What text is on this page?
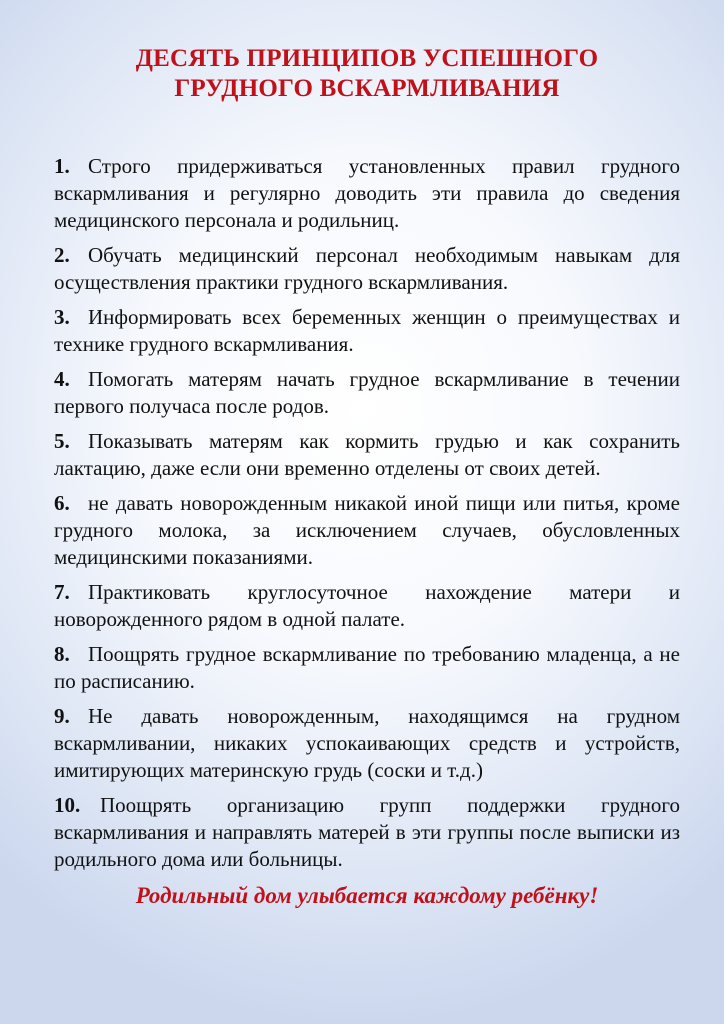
ДЕСЯТЬ ПРИНЦИПОВ УСПЕШНОГО
ГРУДНОГО ВСКАРМЛИВАНИЯ
1. Строго придерживаться установленных правил грудного вскармливания и регулярно доводить эти правила до сведения медицинского персонала и родильниц.
2. Обучать медицинский персонал необходимым навыкам для осуществления практики грудного вскармливания.
3. Информировать всех беременных женщин о преимуществах и технике грудного вскармливания.
4. Помогать матерям начать грудное вскармливание в течении первого получаса после родов.
5. Показывать матерям как кормить грудью и как сохранить лактацию, даже если они временно отделены от своих детей.
6. не давать новорожденным никакой иной пищи или питья, кроме грудного молока, за исключением случаев, обусловленных медицинскими показаниями.
7. Практиковать круглосуточное нахождение матери и новорожденного рядом в одной палате.
8. Поощрять грудное вскармливание по требованию младенца, а не по расписанию.
9. Не давать новорожденным, находящимся на грудном вскармливании, никаких успокаивающих средств и устройств, имитирующих материнскую грудь (соски и т.д.)
10. Поощрять организацию групп поддержки грудного вскармливания и направлять матерей в эти группы после выписки из родильного дома или больницы.
Родильный дом улыбается каждому ребёнку!
